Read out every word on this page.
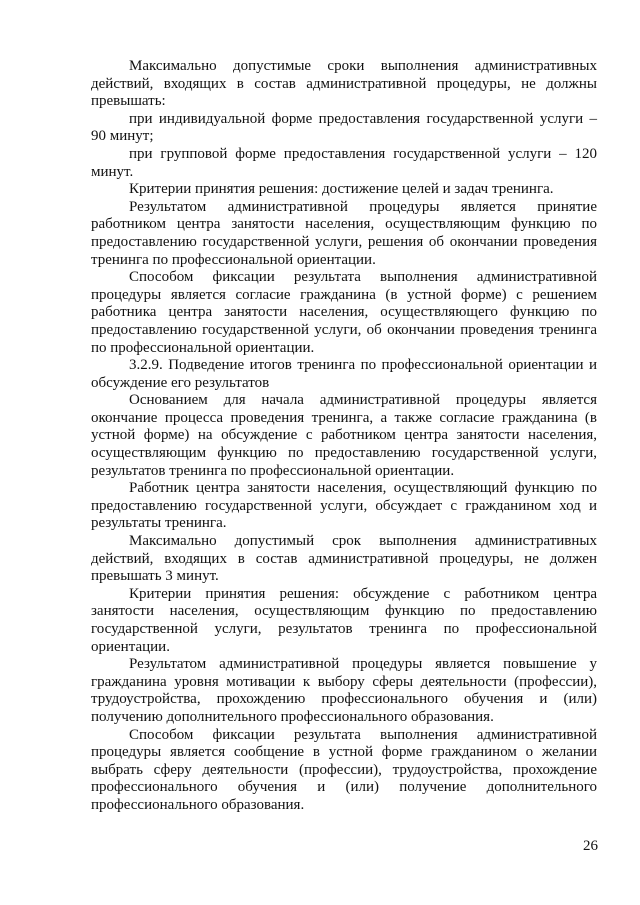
Максимально допустимые сроки выполнения административных действий, входящих в состав административной процедуры, не должны превышать:

при индивидуальной форме предоставления государственной услуги – 90 минут;

при групповой форме предоставления государственной услуги – 120 минут.

Критерии принятия решения: достижение целей и задач тренинга.

Результатом административной процедуры является принятие работником центра занятости населения, осуществляющим функцию по предоставлению государственной услуги, решения об окончании проведения тренинга по профессиональной ориентации.

Способом фиксации результата выполнения административной процедуры является согласие гражданина (в устной форме) с решением работника центра занятости населения, осуществляющего функцию по предоставлению государственной услуги, об окончании проведения тренинга по профессиональной ориентации.

3.2.9. Подведение итогов тренинга по профессиональной ориентации и обсуждение его результатов

Основанием для начала административной процедуры является окончание процесса проведения тренинга, а также согласие гражданина (в устной форме) на обсуждение с работником центра занятости населения, осуществляющим функцию по предоставлению государственной услуги, результатов тренинга по профессиональной ориентации.

Работник центра занятости населения, осуществляющий функцию по предоставлению государственной услуги, обсуждает с гражданином ход и результаты тренинга.

Максимально допустимый срок выполнения административных действий, входящих в состав административной процедуры, не должен превышать 3 минут.

Критерии принятия решения: обсуждение с работником центра занятости населения, осуществляющим функцию по предоставлению государственной услуги, результатов тренинга по профессиональной ориентации.

Результатом административной процедуры является повышение у гражданина уровня мотивации к выбору сферы деятельности (профессии), трудоустройства, прохождению профессионального обучения и (или) получению дополнительного профессионального образования.

Способом фиксации результата выполнения административной процедуры является сообщение в устной форме гражданином о желании выбрать сферу деятельности (профессии), трудоустройства, прохождение профессионального обучения и (или) получение дополнительного профессионального образования.

26
